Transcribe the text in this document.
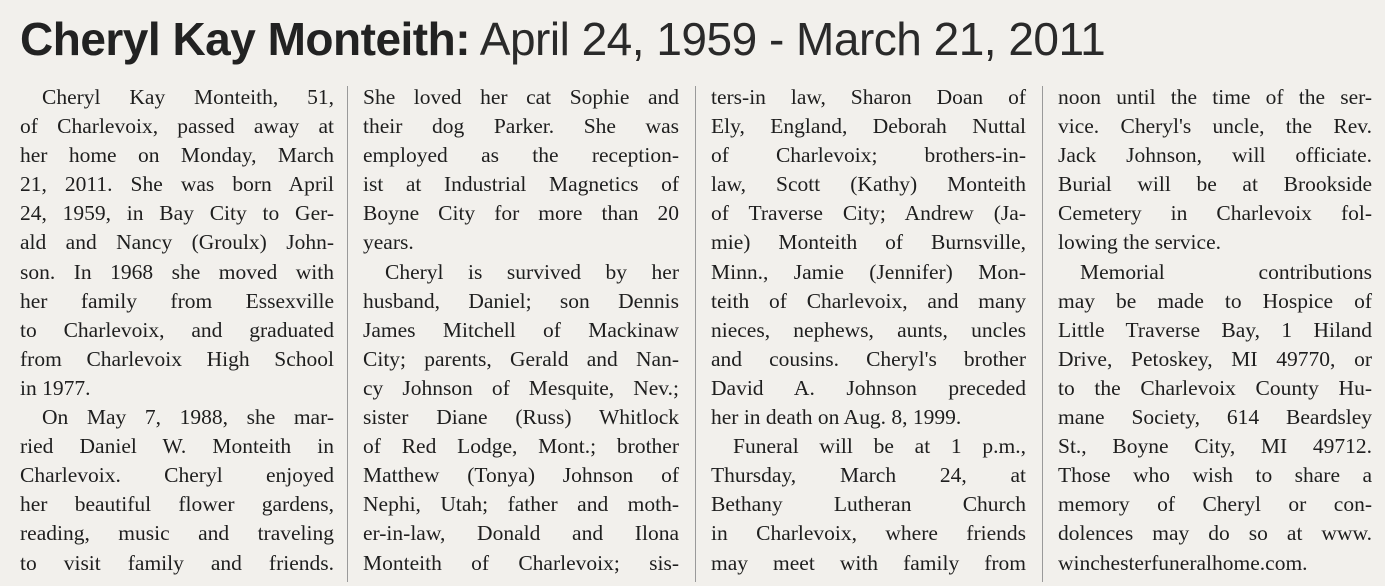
Cheryl Kay Monteith: April 24, 1959 - March 21, 2011
Cheryl Kay Monteith, 51,
of Charlevoix, passed away at
her home on Monday, March
21, 2011. She was born April
24, 1959, in Bay City to Ger-
ald and Nancy (Groulx) John-
son. In 1968 she moved with
her family from Essexville
to Charlevoix, and graduated
from Charlevoix High School
in 1977.
On May 7, 1988, she mar-
ried Daniel W. Monteith in
Charlevoix. Cheryl enjoyed
her beautiful flower gardens,
reading, music and traveling
to visit family and friends.
She loved her cat Sophie and
their dog Parker. She was
employed as the reception-
ist at Industrial Magnetics of
Boyne City for more than 20
years.
Cheryl is survived by her
husband, Daniel; son Dennis
James Mitchell of Mackinaw
City; parents, Gerald and Nan-
cy Johnson of Mesquite, Nev.;
sister Diane (Russ) Whitlock
of Red Lodge, Mont.; brother
Matthew (Tonya) Johnson of
Nephi, Utah; father and moth-
er-in-law, Donald and Ilona
Monteith of Charlevoix; sis-
ters-in law, Sharon Doan of
Ely, England, Deborah Nuttal
of Charlevoix; brothers-in-
law, Scott (Kathy) Monteith
of Traverse City; Andrew (Ja-
mie) Monteith of Burnsville,
Minn., Jamie (Jennifer) Mon-
teith of Charlevoix, and many
nieces, nephews, aunts, uncles
and cousins. Cheryl's brother
David A. Johnson preceded
her in death on Aug. 8, 1999.
Funeral will be at 1 p.m.,
Thursday, March 24, at
Bethany Lutheran Church
in Charlevoix, where friends
may meet with family from
noon until the time of the ser-
vice. Cheryl's uncle, the Rev.
Jack Johnson, will officiate.
Burial will be at Brookside
Cemetery in Charlevoix fol-
lowing the service.
Memorial contributions
may be made to Hospice of
Little Traverse Bay, 1 Hiland
Drive, Petoskey, MI 49770, or
to the Charlevoix County Hu-
mane Society, 614 Beardsley
St., Boyne City, MI 49712.
Those who wish to share a
memory of Cheryl or con-
dolences may do so at www.
winchesterfuneralhome.com.
